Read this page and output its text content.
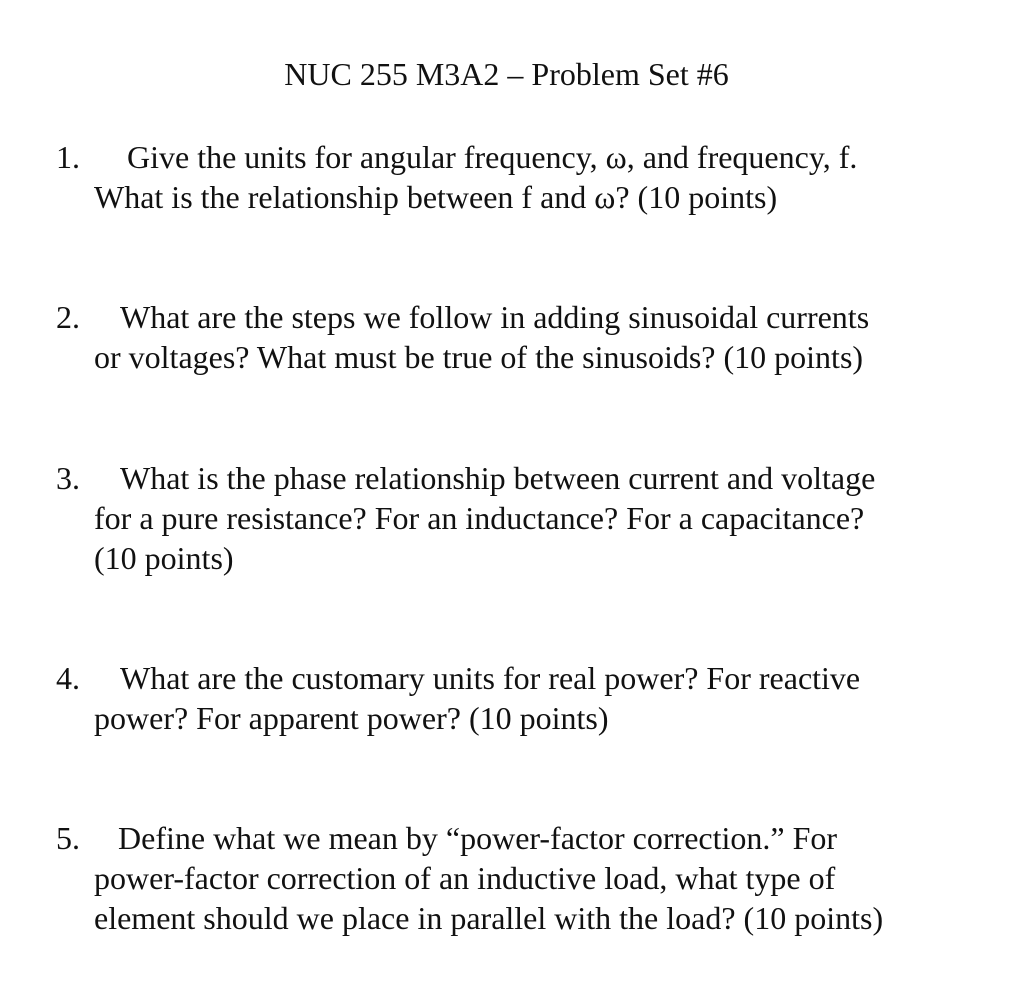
NUC 255 M3A2 – Problem Set #6
1. Give the units for angular frequency, ω, and frequency, f.
What is the relationship between f and ω? (10 points)
2. What are the steps we follow in adding sinusoidal currents
or voltages? What must be true of the sinusoids? (10 points)
3. What is the phase relationship between current and voltage
for a pure resistance? For an inductance? For a capacitance?
(10 points)
4. What are the customary units for real power? For reactive
power? For apparent power? (10 points)
5. Define what we mean by “power-factor correction.” For
power-factor correction of an inductive load, what type of
element should we place in parallel with the load? (10 points)
